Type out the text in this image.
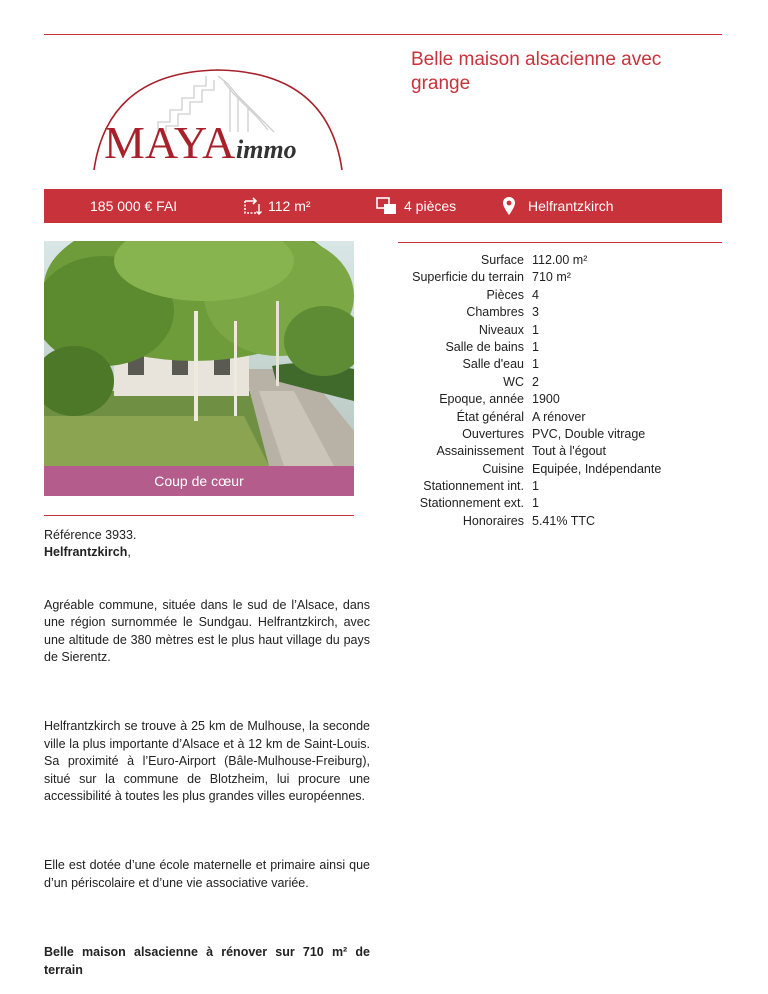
Belle maison alsacienne avec grange
MAYA immo
185 000 € FAI	112 m²	4 pièces	Helfrantzkirch
Coup de cœur
Surface 112.00 m²
Superficie du terrain 710 m²
Pièces 4
Chambres 3
Niveaux 1
Salle de bains 1
Salle d'eau 1
WC 2
Epoque, année 1900
État général A rénover
Ouvertures PVC, Double vitrage
Assainissement Tout à l'égout
Cuisine Equipée, Indépendante
Stationnement int. 1
Stationnement ext. 1
Honoraires 5.41% TTC

Référence 3933.

Helfrantzkirch,

Agréable commune, située dans le sud de l’Alsace, dans une région surnommée le Sundgau. Helfrantzkirch, avec une altitude de 380 mètres est le plus haut village du pays de Sierentz.

Helfrantzkirch se trouve à 25 km de Mulhouse, la seconde ville la plus importante d’Alsace et à 12 km de Saint-Louis. Sa proximité à l’Euro-Airport (Bâle-Mulhouse-Freiburg), situé sur la commune de Blotzheim, lui procure une accessibilité à toutes les plus grandes villes européennes.

Elle est dotée d’une école maternelle et primaire ainsi que d’un périscolaire et d’une vie associative variée.

Belle maison alsacienne à rénover sur 710 m² de terrain
